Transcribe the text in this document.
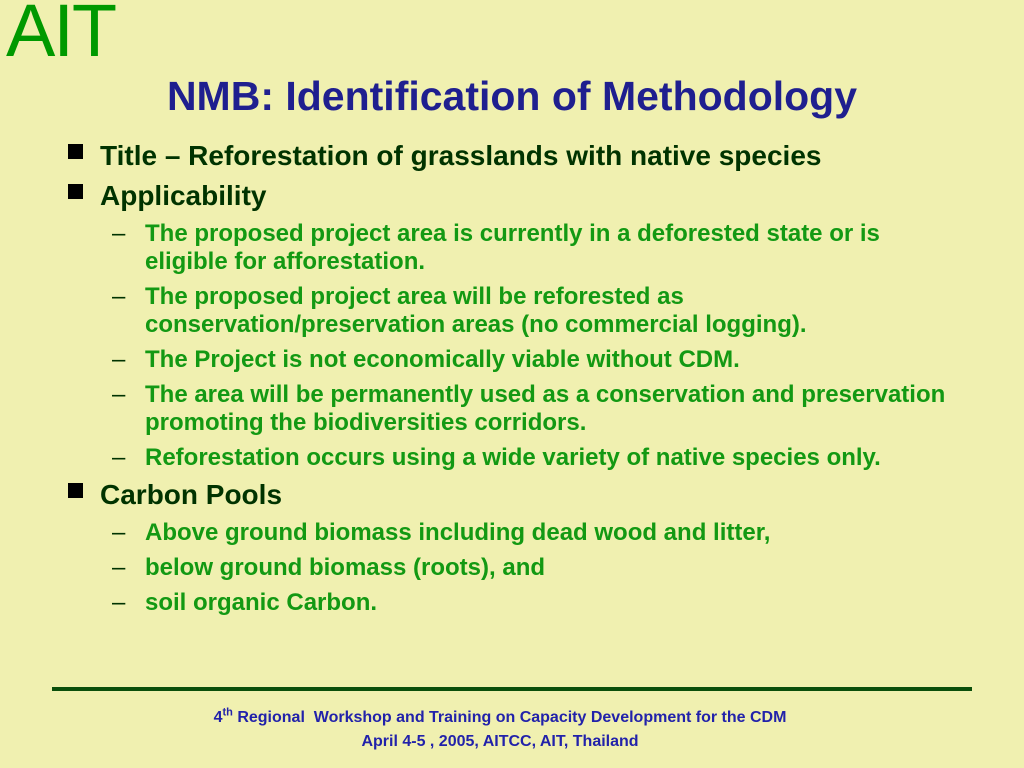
AIT
NMB: Identification of Methodology
Title – Reforestation of grasslands with native species
Applicability
– The proposed project area is currently in a deforested state or is eligible for afforestation.
– The proposed project area will be reforested as conservation/preservation areas (no commercial logging).
– The Project is not economically viable without CDM.
– The area will be permanently used as a conservation and preservation promoting the biodiversities corridors.
– Reforestation occurs using a wide variety of native species only.
Carbon Pools
– Above ground biomass including dead wood and litter,
– below ground biomass (roots), and
– soil organic Carbon.
4th Regional  Workshop and Training on Capacity Development for the CDM
April 4-5 , 2005, AITCC, AIT, Thailand
